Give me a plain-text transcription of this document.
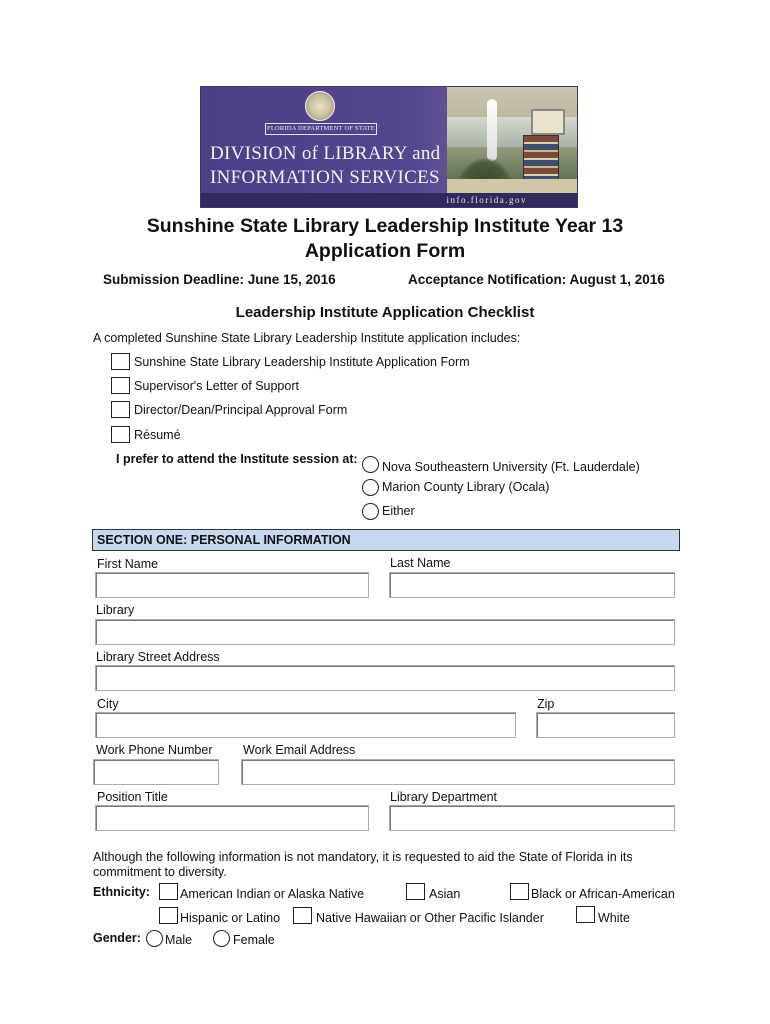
FLORIDA DEPARTMENT OF STATE
DIVISION of LIBRARY and
INFORMATION SERVICES
info.florida.gov
Sunshine State Library Leadership Institute Year 13
Application Form
Submission Deadline: June 15, 2016	Acceptance Notification: August 1, 2016
Leadership Institute Application Checklist
A completed Sunshine State Library Leadership Institute application includes:
Sunshine State Library Leadership Institute Application Form
Supervisor's Letter of Support
Director/Dean/Principal Approval Form
Résumé
I prefer to attend the Institute session at:
Nova Southeastern University (Ft. Lauderdale)
Marion County Library (Ocala)
Either
SECTION ONE: PERSONAL INFORMATION
First Name	Last Name
Library
Library Street Address
City	Zip
Work Phone Number Work Email Address
Position Title	Library Department
Although the following information is not mandatory, it is requested to aid the State of Florida in its
commitment to diversity.
Ethnicity: American Indian or Alaska Native	Asian	Black or African-American
Hispanic or Latino	Native Hawaiian or Other Pacific Islander	White
Gender: Male	Female
